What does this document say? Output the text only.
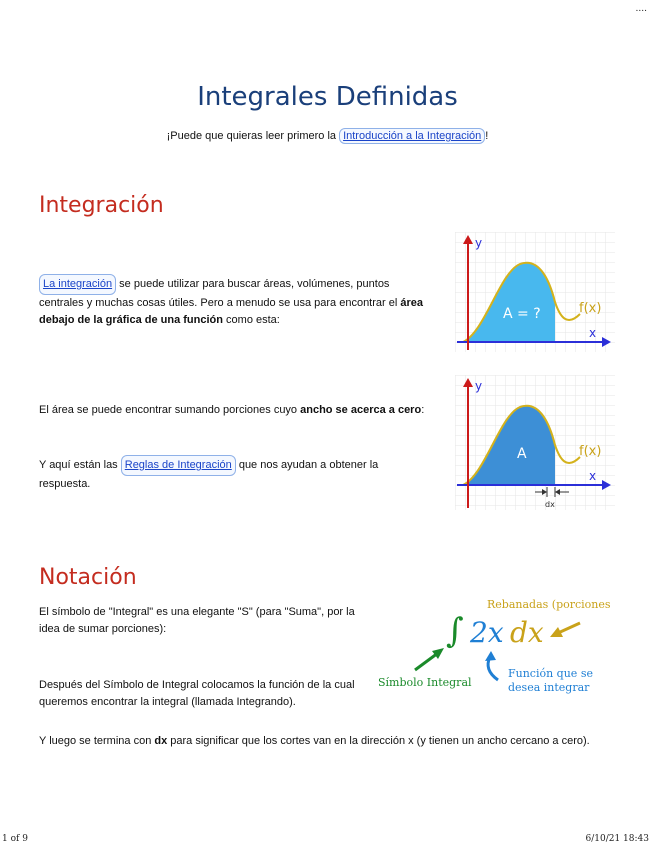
....
Integrales Definidas
¡Puede que quieras leer primero la Introducción a la Integración !
Integración
La integración se puede utilizar para buscar áreas, volúmenes, puntos centrales y muchas cosas útiles. Pero a menudo se usa para encontrar el área debajo de la gráfica de una función como esta:
El área se puede encontrar sumando porciones cuyo ancho se acerca a cero:
Y aquí están las Reglas de Integración que nos ayudan a obtener la respuesta.
y
x
A = ?	f(x)
y
x
A	f(x)
dx
Notación
El símbolo de "Integral" es una elegante "S" (para "Suma", por la idea de sumar porciones):
Después del Símbolo de Integral colocamos la función de la cual queremos encontrar la integral (llamada Integrando).
Y luego se termina con dx para significar que los cortes van en la dirección x (y tienen un ancho cercano a cero).
Rebanadas (porciones
∫ 2x dx
Símbolo Integral
Función que se
desea integrar
1 of 9	6/10/21 18:43
